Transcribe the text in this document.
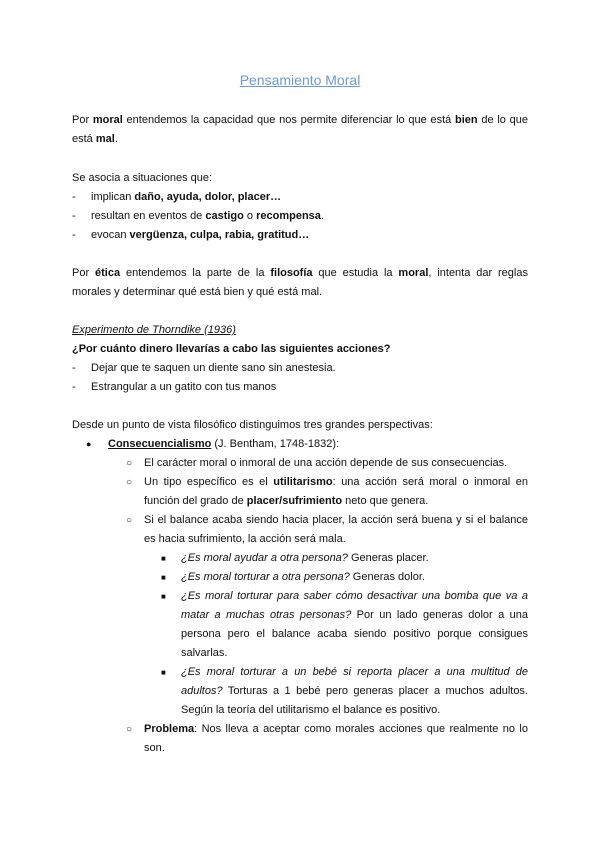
Pensamiento Moral
Por moral entendemos la capacidad que nos permite diferenciar lo que está bien de lo que está mal.

Se asocia a situaciones que:

- implican daño, ayuda, dolor, placer…

- resultan en eventos de castigo o recompensa.

- evocan vergüenza, culpa, rabia, gratitud…

Por ética entendemos la parte de la filosofía que estudia la moral, intenta dar reglas morales y determinar qué está bien y qué está mal.

Experimento de Thorndike (1936)

¿Por cuánto dinero llevarías a cabo las siguientes acciones?

- Dejar que te saquen un diente sano sin anestesia.

- Estrangular a un gatito con tus manos

Desde un punto de vista filosófico distinguimos tres grandes perspectivas:

● Consecuencialismo (J. Bentham, 1748-1832):

○ El carácter moral o inmoral de una acción depende de sus consecuencias.

○ Un tipo específico es el utilitarismo: una acción será moral o inmoral en función del grado de placer/sufrimiento neto que genera.

○ Si el balance acaba siendo hacia placer, la acción será buena y si el balance es hacia sufrimiento, la acción será mala.

■ ¿Es moral ayudar a otra persona? Generas placer.

■ ¿Es moral torturar a otra persona? Generas dolor.

■ ¿Es moral torturar para saber cómo desactivar una bomba que va a matar a muchas otras personas? Por un lado generas dolor a una persona pero el balance acaba siendo positivo porque consigues salvarlas.

■ ¿Es moral torturar a un bebé si reporta placer a una multitud de adultos? Torturas a 1 bebé pero generas placer a muchos adultos. Según la teoría del utilitarismo el balance es positivo.

○ Problema: Nos lleva a aceptar como morales acciones que realmente no lo son.
